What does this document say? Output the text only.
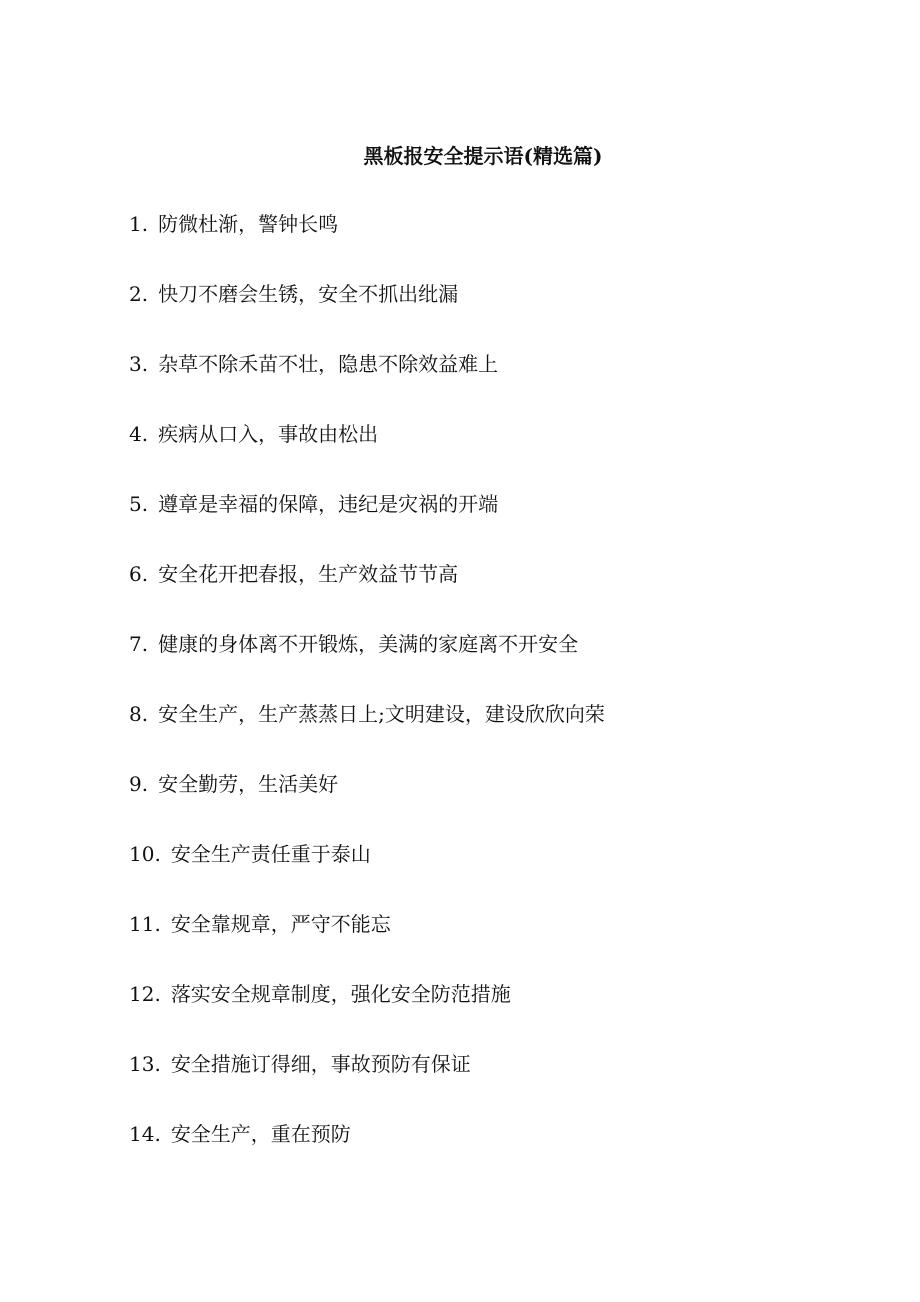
黑板报安全提示语(精选篇)
1. 防微杜渐，警钟长鸣
2. 快刀不磨会生锈，安全不抓出纰漏
3. 杂草不除禾苗不壮，隐患不除效益难上
4. 疾病从口入，事故由松出
5. 遵章是幸福的保障，违纪是灾祸的开端
6. 安全花开把春报，生产效益节节高
7. 健康的身体离不开锻炼，美满的家庭离不开安全
8. 安全生产，生产蒸蒸日上;文明建设，建设欣欣向荣
9. 安全勤劳，生活美好
10. 安全生产责任重于泰山
11. 安全靠规章，严守不能忘
12. 落实安全规章制度，强化安全防范措施
13. 安全措施订得细，事故预防有保证
14. 安全生产，重在预防
